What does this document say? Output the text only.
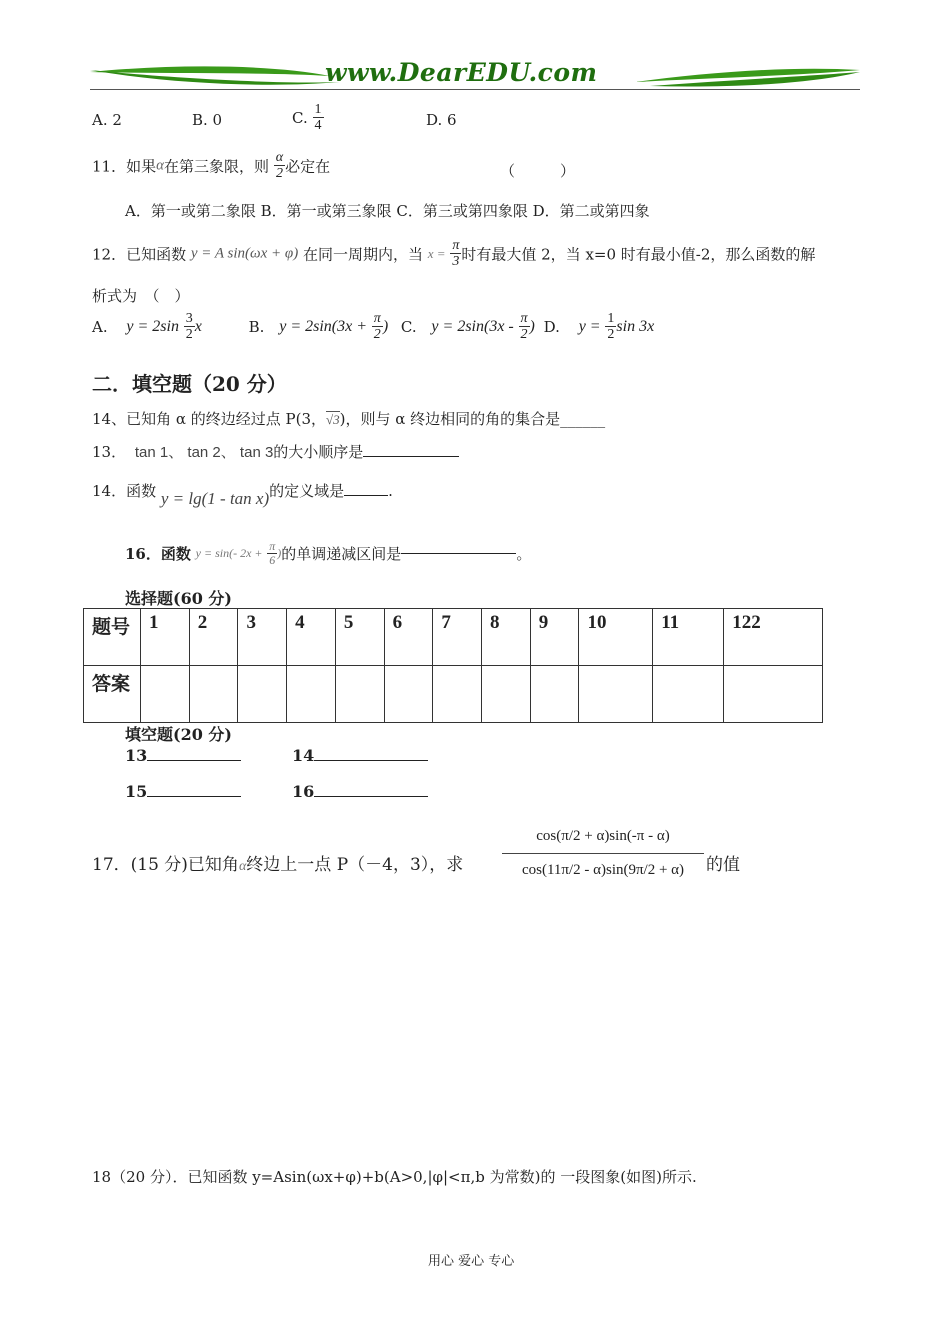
www.DearEDU.com
A. 2	B. 0	C. $\frac{1}{4}$	D. 6
11．如果α在第三象限，则 $\frac{\alpha}{2}$ 必定在	（　　　）
A．第一或第二象限 B．第一或第三象限 C．第三或第四象限 D．第二或第四象
12．已知函数 y = A sin(ωx + φ) 在同一周期内，当 $x = \frac{\pi}{3}$ 时有最大值 2，当 x=0 时有最小值-2，那么函数的解
析式为　（　）
A. $y = 2\sin \frac{3}{2}$ x	B. $y = 2\sin(3x + \frac{\pi}{2}$ ) C. $y = 2\sin(3x - \frac{\pi}{2}$ ) D. $y = \frac{1}{2}$ sin 3x
二．填空题（20 分）
14、已知角 α 的终边经过点 P(3，√3)，则与 α 终边相同的角的集合是______
13． tan 1、 tan 2、 tan 3的大小顺序是
14．函数 y = lg(1 - tan x)的定义域是	.
16．函数 y = sin(- $2x + \frac{\pi}{6}$ )的单调递减区间是	。
选择题(60 分)
题号	1	2	3	4	5	6	7	8	9	10	11	122
答案												
填空题(20 分)
13	14
15	16
17．(15 分)已知角α终边上一点 P（－4，3），求	$\frac{\cos(\pi/2 + \alpha)\sin(-\pi - \alpha)}{\cos(11\pi/2 - \alpha)\sin(9\pi/2 + \alpha)}$ 的值
18（20 分）．已知函数 y=Asin(ωx+φ)+b(A>0,|φ|<π,b 为常数)的 一段图象(如图)所示.
用心 爱心 专心
